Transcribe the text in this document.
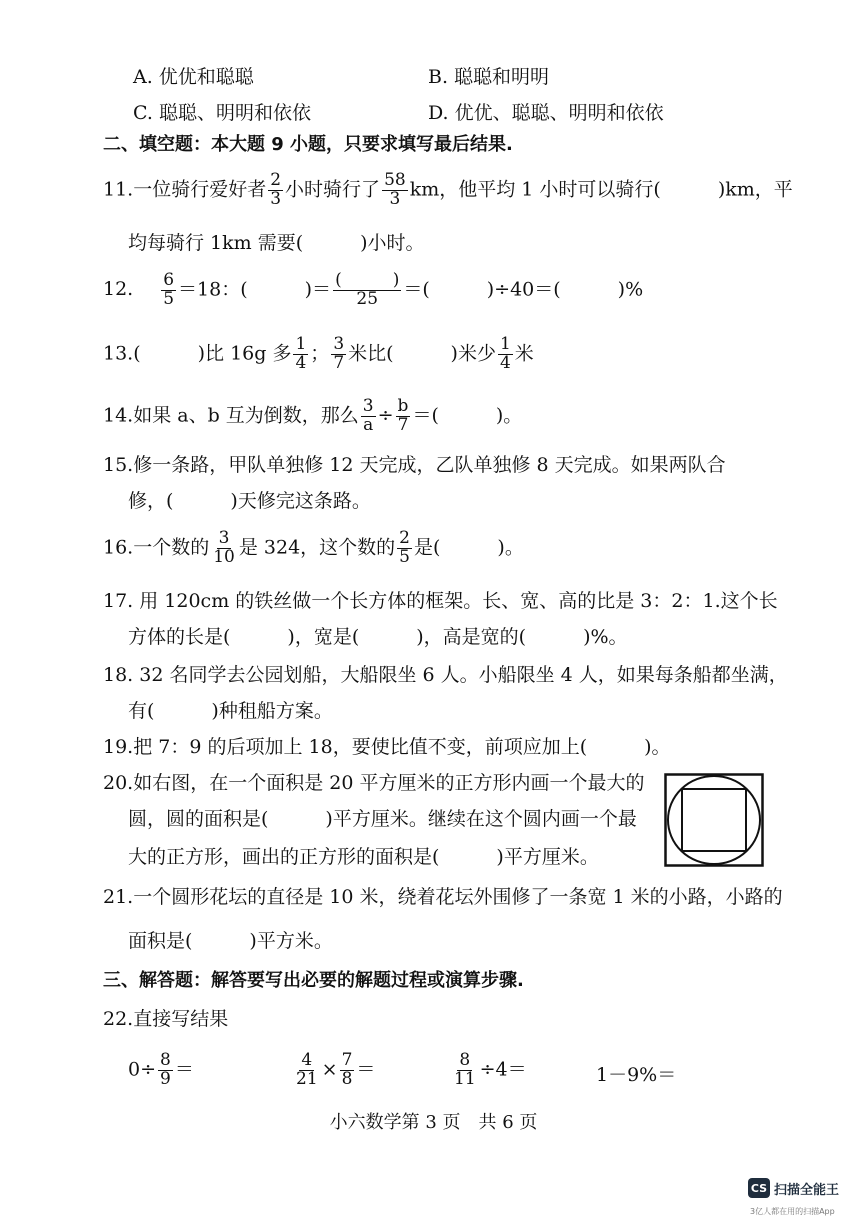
A. 优优和聪聪	B. 聪聪和明明
C. 聪聪、明明和依依	D. 优优、聪聪、明明和依依
二、填空题：本大题 9 小题，只要求填写最后结果.
11.一位骑行爱好者 $\frac{2}{3}$ 小时骑行了 $\frac{58}{3}$ km，他平均 1 小时可以骑行(　　　)km，平
均每骑行 1km 需要(　　　)小时。
12. $\frac{6}{5} =18$：(　　　)＝ $\frac{( )}{25}$ ＝(　　　)÷40＝(　　　)%
13.(　　　)比 16g 多 $\frac{1}{4}$ ； $\frac{3}{7}$ 米比(　　　)米少 $\frac{1}{4}$ 米
14.如果 a、b 互为倒数，那么 $\frac{3}{a} \div \frac{b}{7}$ ＝(　　　)。
15.修一条路，甲队单独修 12 天完成，乙队单独修 8 天完成。如果两队合
修，(　　　)天修完这条路。
16.一个数的 $\frac{3}{10}$ 是 324，这个数的 $\frac{2}{5}$ 是(　　　)。
17. 用 120cm 的铁丝做一个长方体的框架。长、宽、高的比是 3：2：1.这个长
方体的长是(　　　)，宽是(　　　)，高是宽的(　　　)%。
18. 32 名同学去公园划船，大船限坐 6 人。小船限坐 4 人，如果每条船都坐满，
有(　　　)种租船方案。
19.把 7：9 的后项加上 18，要使比值不变，前项应加上(　　　)。
20.如右图，在一个面积是 20 平方厘米的正方形内画一个最大的
圆，圆的面积是(　　　)平方厘米。继续在这个圆内画一个最
大的正方形，画出的正方形的面积是(　　　)平方厘米。
21.一个圆形花坛的直径是 10 米，绕着花坛外围修了一条宽 1 米的小路，小路的
面积是(　　　)平方米。
三、解答题：解答要写出必要的解题过程或演算步骤.
22.直接写结果
$0\div \frac{8}{9}$ ＝	$\frac{4}{21} \times \frac{7}{8}$ ＝	$\frac{8}{11} \div 4=$	1－9%＝
小六数学第 3 页　共 6 页
CS 扫描全能王
3亿人都在用的扫描App
